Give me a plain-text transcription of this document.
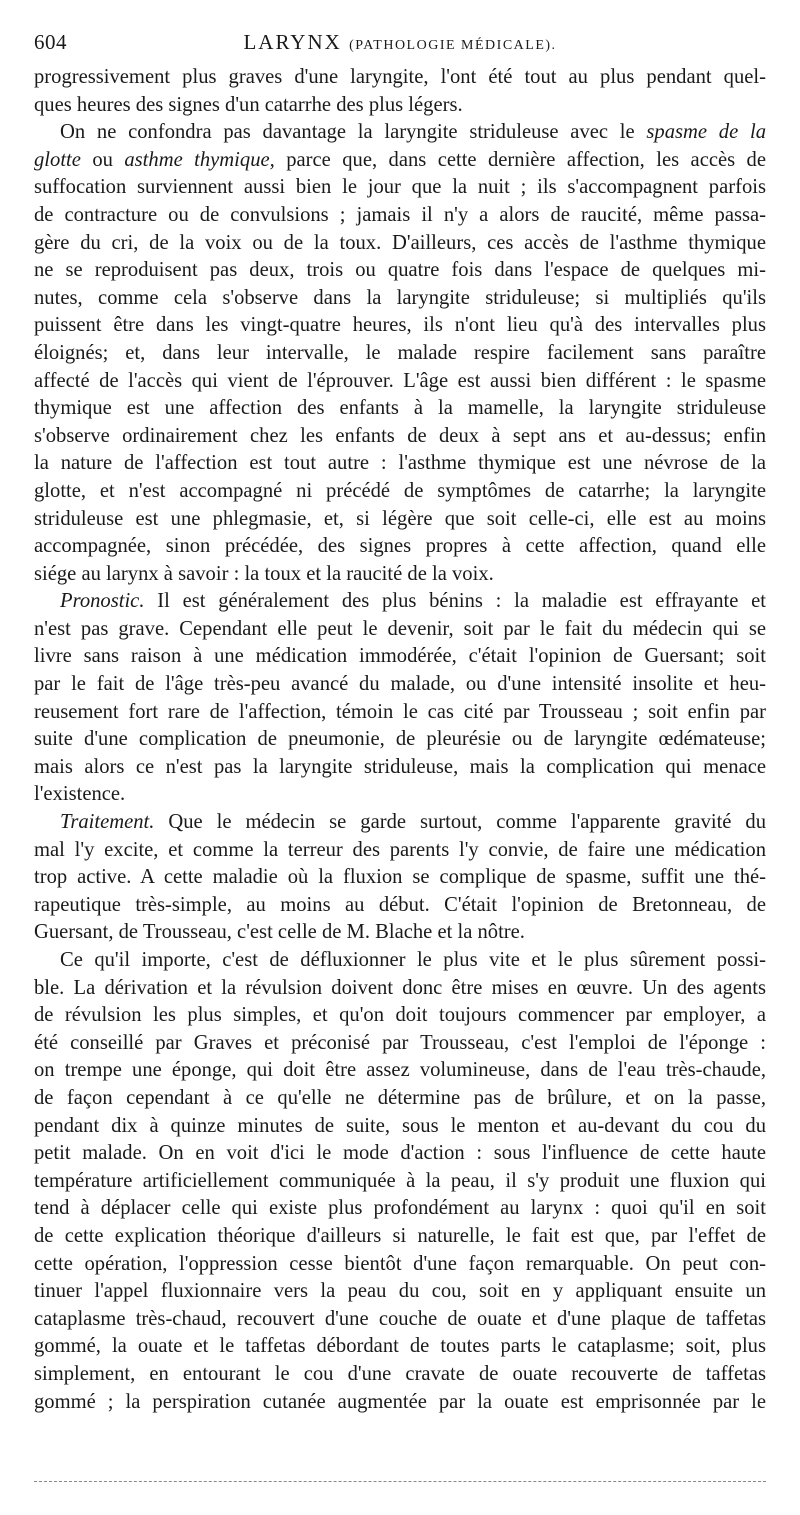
604	LARYNX (PATHOLOGIE MÉDICALE).
progressivement plus graves d'une laryngite, l'ont été tout au plus pendant quel-
ques heures des signes d'un catarrhe des plus légers.
On ne confondra pas davantage la laryngite striduleuse avec le spasme de la
glotte ou asthme thymique, parce que, dans cette dernière affection, les accès de
suffocation surviennent aussi bien le jour que la nuit ; ils s'accompagnent parfois
de contracture ou de convulsions ; jamais il n'y a alors de raucité, même passa-
gère du cri, de la voix ou de la toux. D'ailleurs, ces accès de l'asthme thymique
ne se reproduisent pas deux, trois ou quatre fois dans l'espace de quelques mi-
nutes, comme cela s'observe dans la laryngite striduleuse; si multipliés qu'ils
puissent être dans les vingt-quatre heures, ils n'ont lieu qu'à des intervalles plus
éloignés; et, dans leur intervalle, le malade respire facilement sans paraître
affecté de l'accès qui vient de l'éprouver. L'âge est aussi bien différent : le spasme
thymique est une affection des enfants à la mamelle, la laryngite striduleuse
s'observe ordinairement chez les enfants de deux à sept ans et au-dessus; enfin
la nature de l'affection est tout autre : l'asthme thymique est une névrose de la
glotte, et n'est accompagné ni précédé de symptômes de catarrhe; la laryngite
striduleuse est une phlegmasie, et, si légère que soit celle-ci, elle est au moins
accompagnée, sinon précédée, des signes propres à cette affection, quand elle
siége au larynx à savoir : la toux et la raucité de la voix.
Pronostic. Il est généralement des plus bénins : la maladie est effrayante et
n'est pas grave. Cependant elle peut le devenir, soit par le fait du médecin qui se
livre sans raison à une médication immodérée, c'était l'opinion de Guersant; soit
par le fait de l'âge très-peu avancé du malade, ou d'une intensité insolite et heu-
reusement fort rare de l'affection, témoin le cas cité par Trousseau ; soit enfin par
suite d'une complication de pneumonie, de pleurésie ou de laryngite œdémateuse;
mais alors ce n'est pas la laryngite striduleuse, mais la complication qui menace
l'existence.
Traitement. Que le médecin se garde surtout, comme l'apparente gravité du
mal l'y excite, et comme la terreur des parents l'y convie, de faire une médication
trop active. A cette maladie où la fluxion se complique de spasme, suffit une thé-
rapeutique très-simple, au moins au début. C'était l'opinion de Bretonneau, de
Guersant, de Trousseau, c'est celle de M. Blache et la nôtre.
Ce qu'il importe, c'est de défluxionner le plus vite et le plus sûrement possi-
ble. La dérivation et la révulsion doivent donc être mises en œuvre. Un des agents
de révulsion les plus simples, et qu'on doit toujours commencer par employer, a
été conseillé par Graves et préconisé par Trousseau, c'est l'emploi de l'éponge :
on trempe une éponge, qui doit être assez volumineuse, dans de l'eau très-chaude,
de façon cependant à ce qu'elle ne détermine pas de brûlure, et on la passe,
pendant dix à quinze minutes de suite, sous le menton et au-devant du cou du
petit malade. On en voit d'ici le mode d'action : sous l'influence de cette haute
température artificiellement communiquée à la peau, il s'y produit une fluxion qui
tend à déplacer celle qui existe plus profondément au larynx : quoi qu'il en soit
de cette explication théorique d'ailleurs si naturelle, le fait est que, par l'effet de
cette opération, l'oppression cesse bientôt d'une façon remarquable. On peut con-
tinuer l'appel fluxionnaire vers la peau du cou, soit en y appliquant ensuite un
cataplasme très-chaud, recouvert d'une couche de ouate et d'une plaque de taffetas
gommé, la ouate et le taffetas débordant de toutes parts le cataplasme; soit, plus
simplement, en entourant le cou d'une cravate de ouate recouverte de taffetas
gommé ; la perspiration cutanée augmentée par la ouate est emprisonnée par le
